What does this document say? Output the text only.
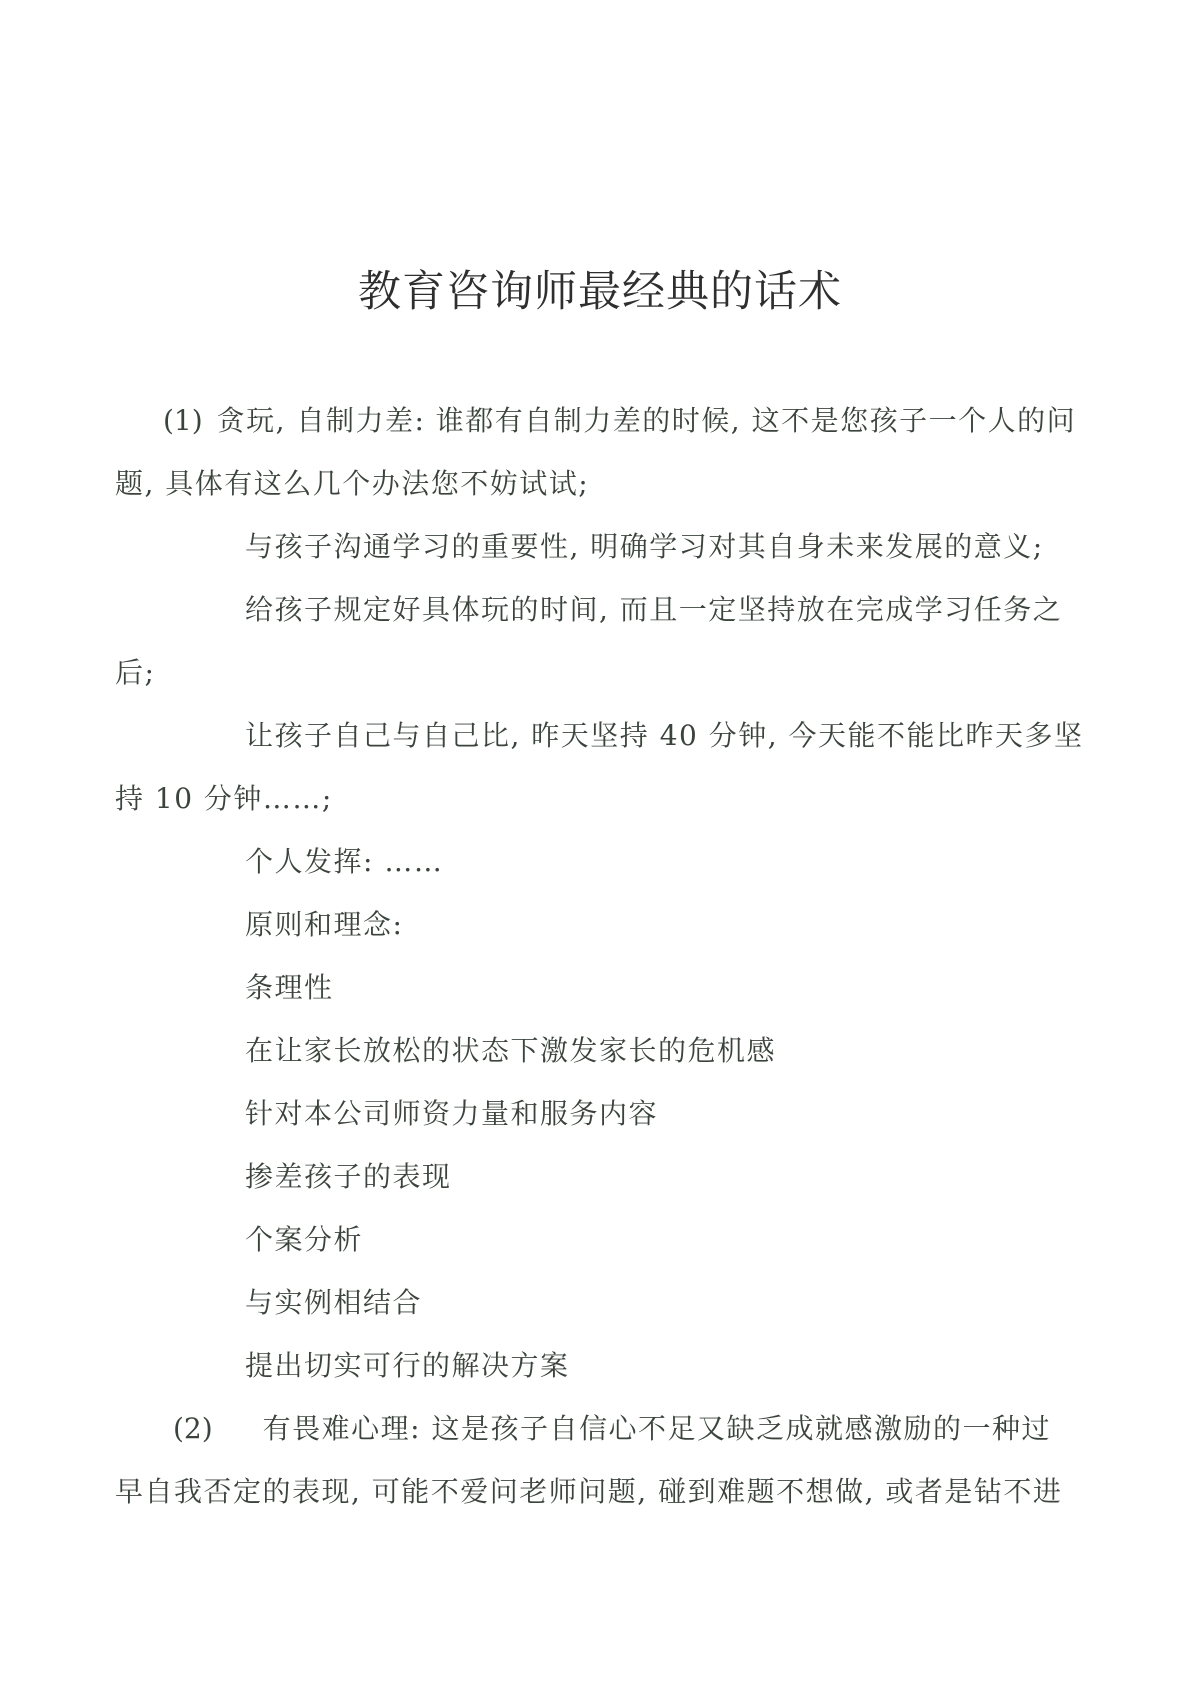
教育咨询师最经典的话术
(1) 贪玩, 自制力差: 谁都有自制力差的时候, 这不是您孩子一个人的问
题, 具体有这么几个办法您不妨试试;
与孩子沟通学习的重要性, 明确学习对其自身未来发展的意义;
给孩子规定好具体玩的时间, 而且一定坚持放在完成学习任务之
后;
让孩子自己与自己比, 昨天坚持 40 分钟, 今天能不能比昨天多坚
持 10 分钟……;
个人发挥: ……
原则和理念:
条理性
在让家长放松的状态下激发家长的危机感
针对本公司师资力量和服务内容
掺差孩子的表现
个案分析
与实例相结合
提出切实可行的解决方案
(2) 有畏难心理: 这是孩子自信心不足又缺乏成就感激励的一种过
早自我否定的表现, 可能不爱问老师问题, 碰到难题不想做, 或者是钻不进
